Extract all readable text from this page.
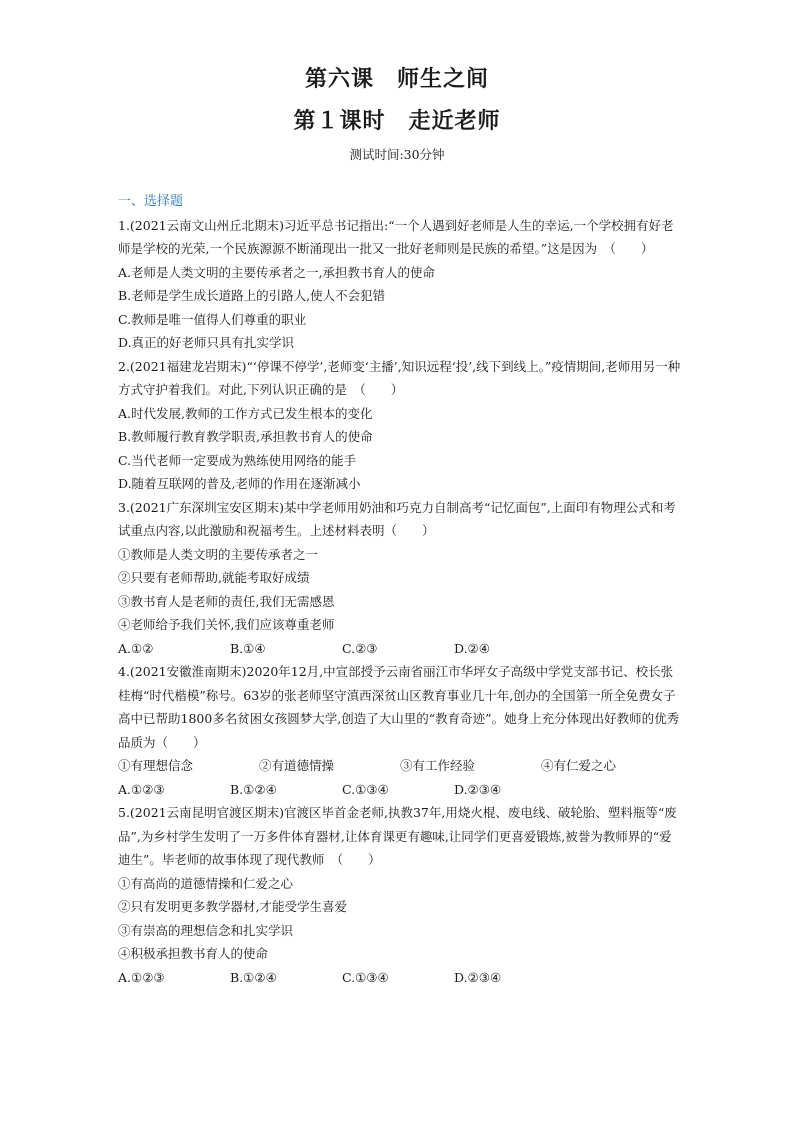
第六课　师生之间
第１课时　走近老师
测试时间:30分钟
一、选择题
1.(2021云南文山州丘北期末)习近平总书记指出:“一个人遇到好老师是人生的幸运,一个学校拥有好老师是学校的光荣,一个民族源源不断涌现出一批又一批好老师则是民族的希望。”这是因为　（　　）
A.老师是人类文明的主要传承者之一,承担教书育人的使命
B.老师是学生成长道路上的引路人,使人不会犯错
C.教师是唯一值得人们尊重的职业
D.真正的好老师只具有扎实学识
2.(2021福建龙岩期末)“‘停课不停学’,老师变‘主播’,知识远程‘投’,线下到线上。”疫情期间,老师用另一种方式守护着我们。对此,下列认识正确的是　（　　）
A.时代发展,教师的工作方式已发生根本的变化
B.教师履行教育教学职责,承担教书育人的使命
C.当代老师一定要成为熟练使用网络的能手
D.随着互联网的普及,老师的作用在逐渐减小
3.(2021广东深圳宝安区期末)某中学老师用奶油和巧克力自制高考“记忆面包”,上面印有物理公式和考试重点内容,以此激励和祝福考生。上述材料表明（　　）
①教师是人类文明的主要传承者之一
②只要有老师帮助,就能考取好成绩
③教书育人是老师的责任,我们无需感恩
④老师给予我们关怀,我们应该尊重老师
A.①②	B.①④	C.②③	D.②④
4.(2021安徽淮南期末)2020年12月,中宣部授予云南省丽江市华坪女子高级中学党支部书记、校长张桂梅“时代楷模”称号。63岁的张老师坚守滇西深贫山区教育事业几十年,创办的全国第一所全免费女子高中已帮助1800多名贫困女孩圆梦大学,创造了大山里的“教育奇迹”。她身上充分体现出好教师的优秀品质为（　　）
①有理想信念	②有道德情操	③有工作经验	④有仁爱之心
A.①②③	B.①②④	C.①③④	D.②③④
5.(2021云南昆明官渡区期末)官渡区毕首金老师,执教37年,用烧火棍、废电线、破轮胎、塑料瓶等“废品”,为乡村学生发明了一万多件体育器材,让体育课更有趣味,让同学们更喜爱锻炼,被誉为教师界的“爱迪生”。毕老师的故事体现了现代教师　（　　）
①有高尚的道德情操和仁爱之心
②只有发明更多教学器材,才能受学生喜爱
③有崇高的理想信念和扎实学识
④积极承担教书育人的使命
A.①②③	B.①②④	C.①③④	D.②③④
